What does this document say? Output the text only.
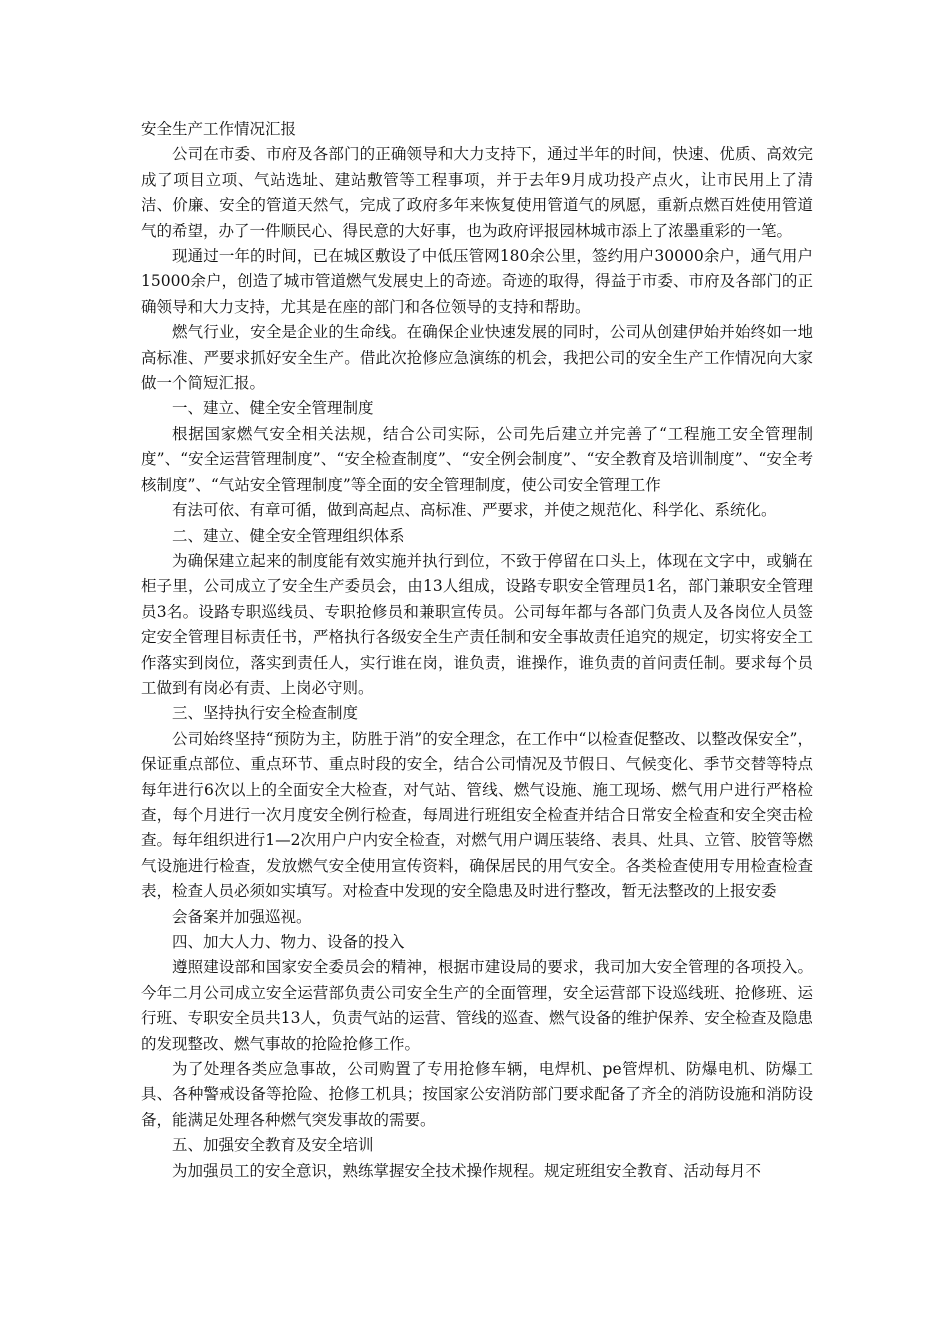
安全生产工作情况汇报

公司在市委、市府及各部门的正确领导和大力支持下，通过半年的时间，快速、优质、高效完成了项目立项、气站选址、建站敷管等工程事项，并于去年9月成功投产点火，让市民用上了清洁、价廉、安全的管道天然气，完成了政府多年来恢复使用管道气的夙愿，重新点燃百姓使用管道气的希望，办了一件顺民心、得民意的大好事，也为政府评报园林城市添上了浓墨重彩的一笔。

现通过一年的时间，已在城区敷设了中低压管网180余公里，签约用户30000余户，通气用户15000余户，创造了城市管道燃气发展史上的奇迹。奇迹的取得，得益于市委、市府及各部门的正确领导和大力支持，尤其是在座的部门和各位领导的支持和帮助。

燃气行业，安全是企业的生命线。在确保企业快速发展的同时，公司从创建伊始并始终如一地高标准、严要求抓好安全生产。借此次抢修应急演练的机会，我把公司的安全生产工作情况向大家做一个简短汇报。

一、建立、健全安全管理制度

根据国家燃气安全相关法规，结合公司实际，公司先后建立并完善了“工程施工安全管理制度”、“安全运营管理制度”、“安全检查制度”、“安全例会制度”、“安全教育及培训制度”、“安全考核制度”、“气站安全管理制度”等全面的安全管理制度，使公司安全管理工作

有法可依、有章可循，做到高起点、高标准、严要求，并使之规范化、科学化、系统化。

二、建立、健全安全管理组织体系

为确保建立起来的制度能有效实施并执行到位，不致于停留在口头上，体现在文字中，或躺在柜子里，公司成立了安全生产委员会，由13人组成，设路专职安全管理员1名，部门兼职安全管理员3名。设路专职巡线员、专职抢修员和兼职宣传员。公司每年都与各部门负责人及各岗位人员签定安全管理目标责任书，严格执行各级安全生产责任制和安全事故责任追究的规定，切实将安全工作落实到岗位，落实到责任人，实行谁在岗，谁负责，谁操作，谁负责的首问责任制。要求每个员工做到有岗必有责、上岗必守则。

三、坚持执行安全检查制度

公司始终坚持“预防为主，防胜于消”的安全理念，在工作中“以检查促整改、以整改保安全”，保证重点部位、重点环节、重点时段的安全，结合公司情况及节假日、气候变化、季节交替等特点每年进行6次以上的全面安全大检查，对气站、管线、燃气设施、施工现场、燃气用户进行严格检查，每个月进行一次月度安全例行检查，每周进行班组安全检查并结合日常安全检查和安全突击检查。每年组织进行1—2次用户户内安全检查，对燃气用户调压装络、表具、灶具、立管、胶管等燃气设施进行检查，发放燃气安全使用宣传资料，确保居民的用气安全。各类检查使用专用检查检查表，检查人员必须如实填写。对检查中发现的安全隐患及时进行整改，暂无法整改的上报安委

会备案并加强巡视。

四、加大人力、物力、设备的投入

遵照建设部和国家安全委员会的精神，根据市建设局的要求，我司加大安全管理的各项投入。今年二月公司成立安全运营部负责公司安全生产的全面管理，安全运营部下设巡线班、抢修班、运行班、专职安全员共13人，负责气站的运营、管线的巡查、燃气设备的维护保养、安全检查及隐患的发现整改、燃气事故的抢险抢修工作。

为了处理各类应急事故，公司购置了专用抢修车辆，电焊机、pe管焊机、防爆电机、防爆工具、各种警戒设备等抢险、抢修工机具；按国家公安消防部门要求配备了齐全的消防设施和消防设备，能满足处理各种燃气突发事故的需要。

五、加强安全教育及安全培训

为加强员工的安全意识，熟练掌握安全技术操作规程。规定班组安全教育、活动每月不
